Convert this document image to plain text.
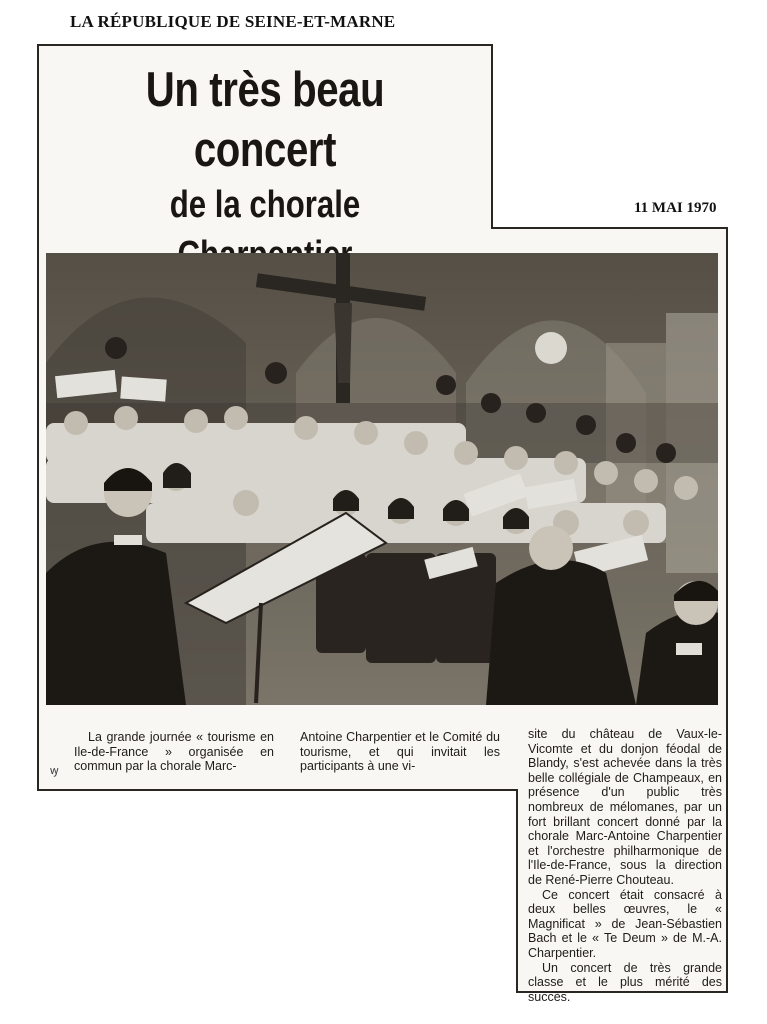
LA RÉPUBLIQUE DE SEINE-ET-MARNE
Un très beau concert
de la chorale	11 MAI 1970

La grande journée « tourisme en Ile-de-France » organisée en commun par la chorale Marc-

Antoine Charpentier et le Comité du tourisme, et qui invitait les participants à une vi-

site du château de Vaux-le-Vicomte et du donjon féodal de Blandy, s'est achevée dans la très belle collégiale de Champeaux, en présence d'un public très nombreux de mélomanes, par un fort brillant concert donné par la chorale Marc-Antoine Charpentier et l'orchestre philharmonique de l'Ile-de-France, sous la direction de René-Pierre Chouteau.

Ce concert était consacré à deux belles œuvres, le « Magnificat » de Jean-Sébastien Bach et le « Te Deum » de M.-A. Charpentier.

Un concert de très grande classe et le plus mérité des succès.

ꝡ
